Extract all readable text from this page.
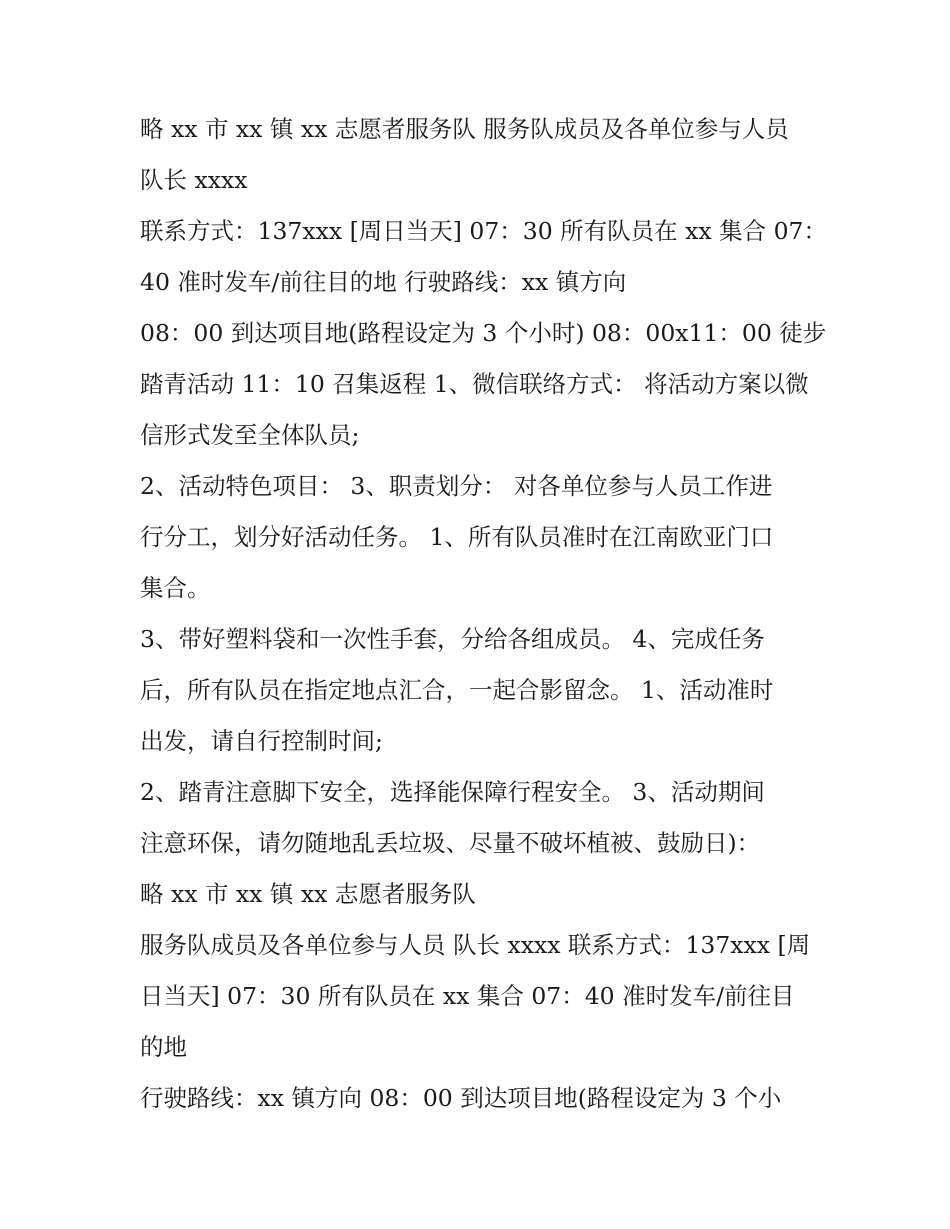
略 xx 市 xx 镇 xx 志愿者服务队 服务队成员及各单位参与人员
队长 xxxx
联系方式：137xxx [周日当天] 07：30 所有队员在 xx 集合 07：
40 准时发车/前往目的地 行驶路线：xx 镇方向
08：00 到达项目地(路程设定为 3 个小时) 08：00x11：00 徒步
踏青活动 11：10 召集返程 1、微信联络方式： 将活动方案以微
信形式发至全体队员;
2、活动特色项目： 3、职责划分： 对各单位参与人员工作进
行分工，划分好活动任务。 1、所有队员准时在江南欧亚门口
集合。
3、带好塑料袋和一次性手套，分给各组成员。 4、完成任务
后，所有队员在指定地点汇合，一起合影留念。 1、活动准时
出发，请自行控制时间;
2、踏青注意脚下安全，选择能保障行程安全。 3、活动期间
注意环保，请勿随地乱丢垃圾、尽量不破坏植被、鼓励日)：
略 xx 市 xx 镇 xx 志愿者服务队
服务队成员及各单位参与人员 队长 xxxx 联系方式：137xxx [周
日当天] 07：30 所有队员在 xx 集合 07：40 准时发车/前往目
的地
行驶路线：xx 镇方向 08：00 到达项目地(路程设定为 3 个小
